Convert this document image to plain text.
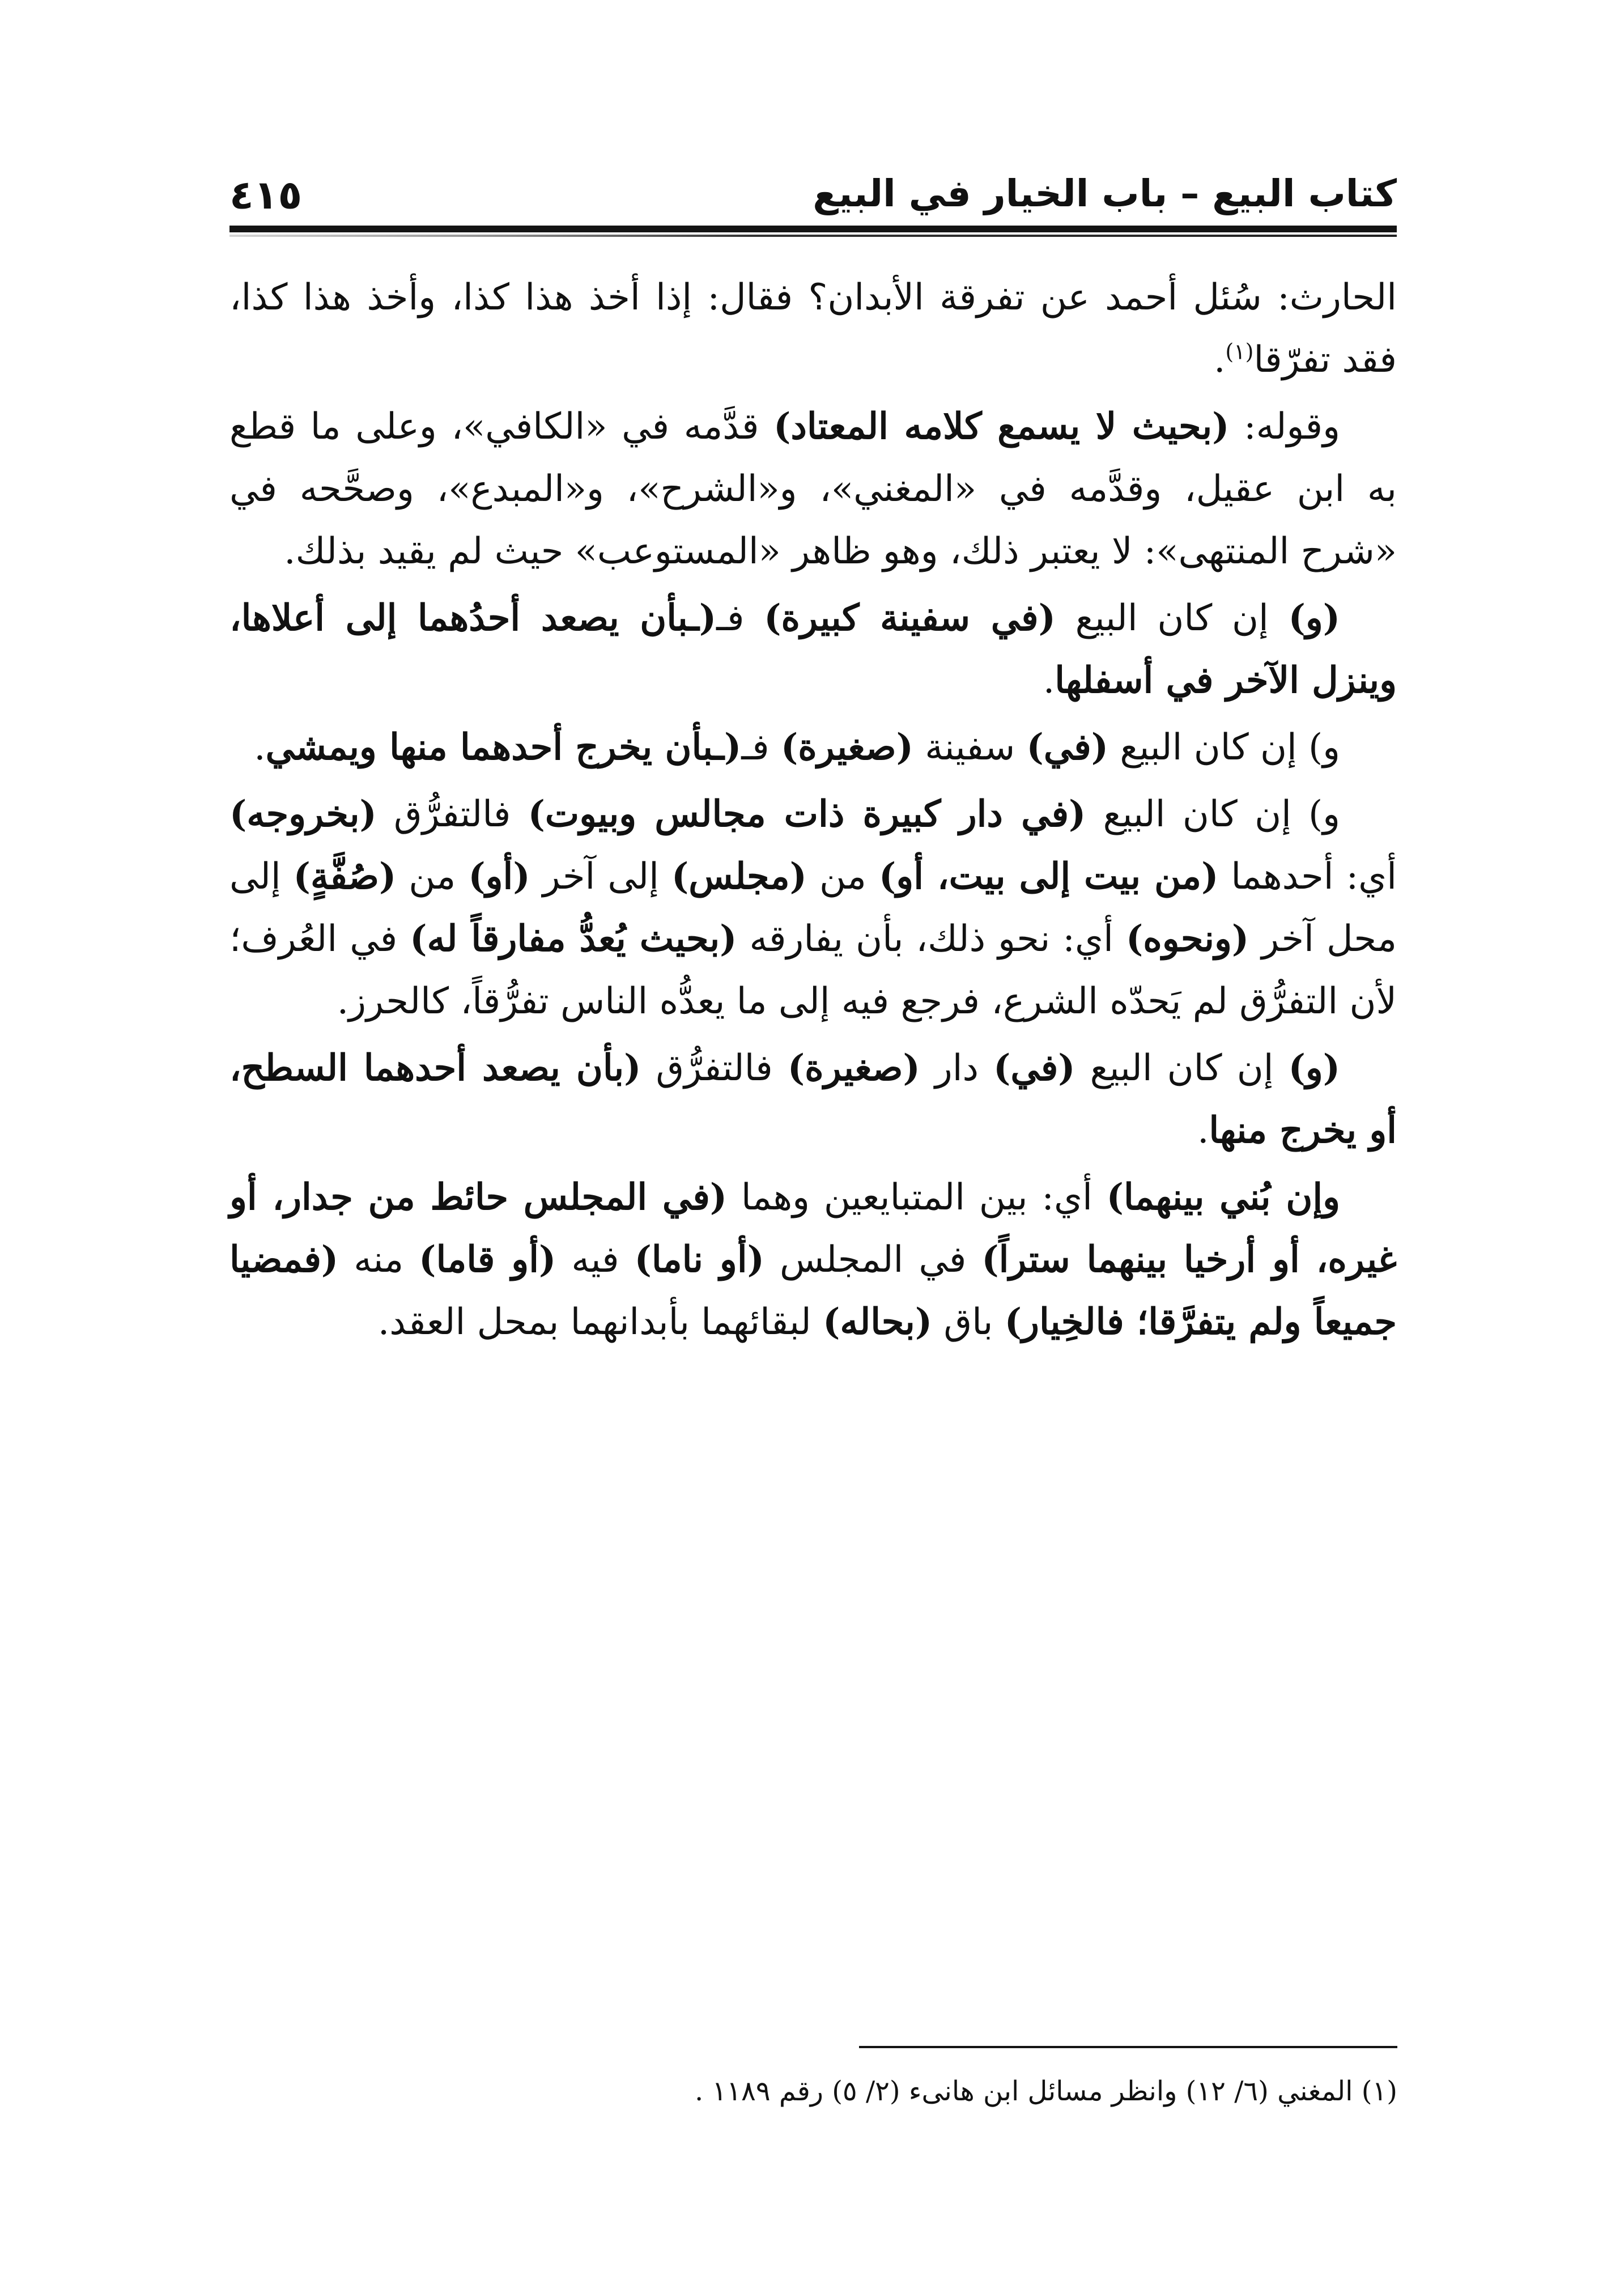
كتاب البيع – باب الخيار في البيع
٤١٥

الحارث: سُئل أحمد عن تفرقة الأبدان؟ فقال: إذا أخذ هذا كذا، وأخذ هذا كذا، فقد تفرّقا$^{(١)}$.

وقوله: (بحيث لا يسمع كلامه المعتاد) قدَّمه في «الكافي»، وعلى ما قطع به ابن عقيل، وقدَّمه في «المغني»، و«الشرح»، و«المبدع»، وصحَّحه في «شرح المنتهى»: لا يعتبر ذلك، وهو ظاهر «المستوعب» حيث لم يقيد بذلك.

(و) إن كان البيع (في سفينة كبيرة) فـ(ـبأن يصعد أحدُهما إلى أعلاها، وينزل الآخر في أسفلها.

و) إن كان البيع (في) سفينة (صغيرة) فـ(ـبأن يخرج أحدهما منها ويمشي.

و) إن كان البيع (في دار كبيرة ذات مجالس وبيوت) فالتفرُّق (بخروجه) أي: أحدهما (من بيت إلى بيت، أو) من (مجلس) إلى آخر (أو) من (صُفَّةٍ) إلى محل آخر (ونحوه) أي: نحو ذلك، بأن يفارقه (بحيث يُعدُّ مفارقاً له) في العُرف؛ لأن التفرُّق لم يَحدّه الشرع، فرجع فيه إلى ما يعدُّه الناس تفرُّقاً، كالحرز.

(و) إن كان البيع (في) دار (صغيرة) فالتفرُّق (بأن يصعد أحدهما السطح، أو يخرج منها.

وإن بُني بينهما) أي: بين المتبايعين وهما (في المجلس حائط من جدار، أو غيره، أو أرخيا بينهما ستراً) في المجلس (أو ناما) فيه (أو قاما) منه (فمضيا جميعاً ولم يتفرَّقا؛ فالخِيار) باق (بحاله) لبقائهما بأبدانهما بمحل العقد.

(١) المغني (٦/ ١٢) وانظر مسائل ابن هانىء (٢/ ٥) رقم ١١٨٩ .
